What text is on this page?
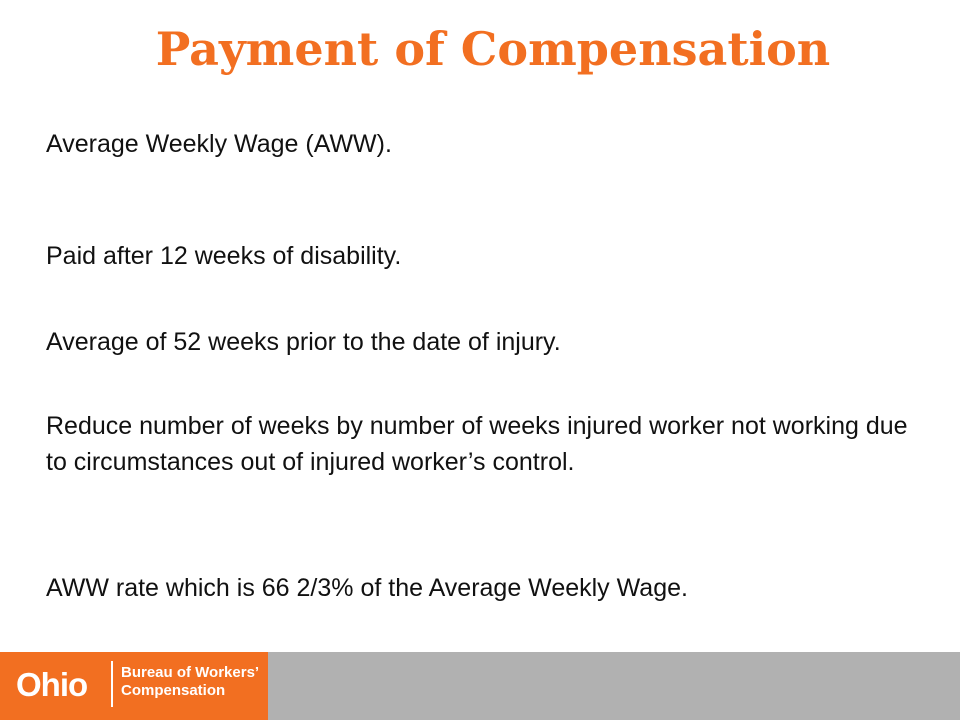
Payment of Compensation

Average Weekly Wage (AWW).

Paid after 12 weeks of disability.

Average of 52 weeks prior to the date of injury.

Reduce number of weeks by number of weeks injured worker not working due to circumstances out of injured worker’s control.

AWW rate which is 66 2/3% of the Average Weekly Wage.

Ohio Bureau of Workers’
Compensation
